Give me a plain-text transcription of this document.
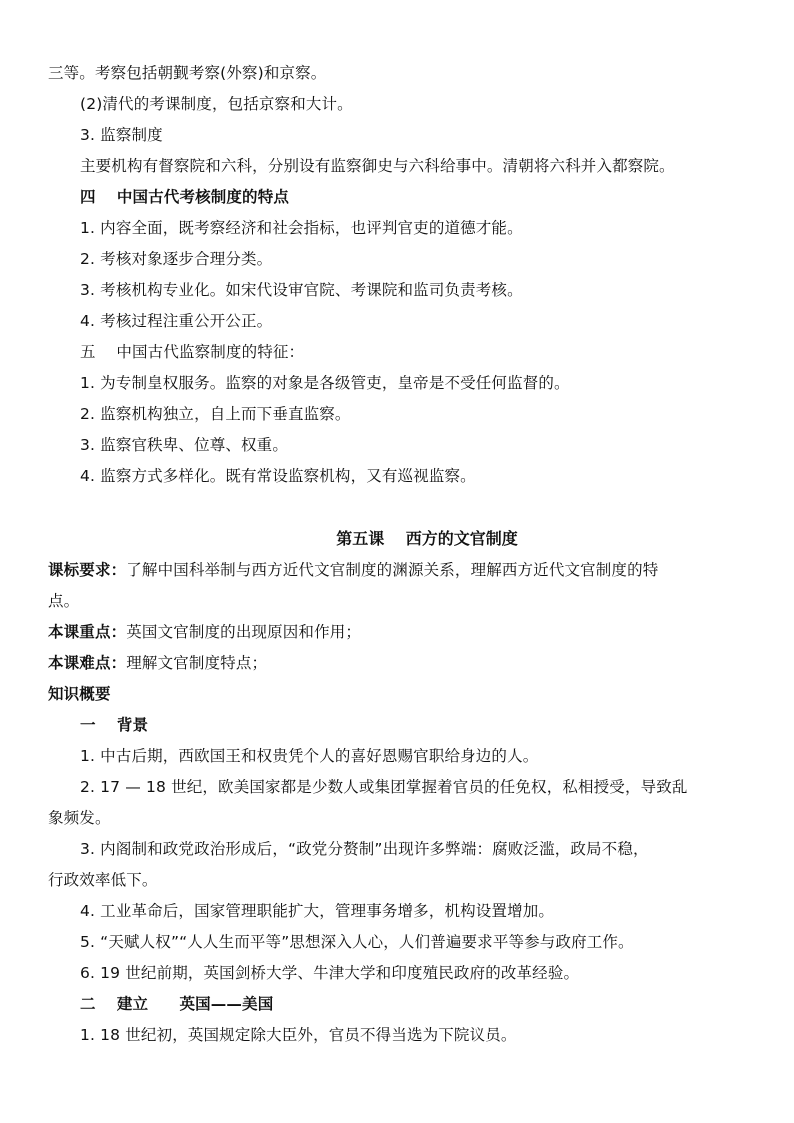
三等。考察包括朝觐考察(外察)和京察。
(2)清代的考课制度，包括京察和大计。
3. 监察制度
主要机构有督察院和六科，分别设有监察御史与六科给事中。清朝将六科并入都察院。
四　 中国古代考核制度的特点
1. 内容全面，既考察经济和社会指标，也评判官吏的道德才能。
2. 考核对象逐步合理分类。
3. 考核机构专业化。如宋代设审官院、考课院和监司负责考核。
4. 考核过程注重公开公正。
五　 中国古代监察制度的特征：
1. 为专制皇权服务。监察的对象是各级管吏，皇帝是不受任何监督的。
2. 监察机构独立，自上而下垂直监察。
3. 监察官秩卑、位尊、权重。
4. 监察方式多样化。既有常设监察机构，又有巡视监察。
第五课　 西方的文官制度
课标要求：了解中国科举制与西方近代文官制度的渊源关系，理解西方近代文官制度的特
点。
本课重点：英国文官制度的出现原因和作用；
本课难点：理解文官制度特点；
知识概要
一　 背景
1. 中古后期，西欧国王和权贵凭个人的喜好恩赐官职给身边的人。
2. 17 — 18 世纪，欧美国家都是少数人或集团掌握着官员的任免权，私相授受，导致乱
象频发。
3. 内阁制和政党政治形成后，“政党分赘制”出现许多弊端：腐败泛滥，政局不稳，
行政效率低下。
4. 工业革命后，国家管理职能扩大，管理事务增多，机构设置增加。
5. “天赋人权”“人人生而平等”思想深入人心，人们普遍要求平等参与政府工作。
6. 19 世纪前期，英国剑桥大学、牛津大学和印度殖民政府的改革经验。
二　 建立　　英国——美国
1. 18 世纪初，英国规定除大臣外，官员不得当选为下院议员。
